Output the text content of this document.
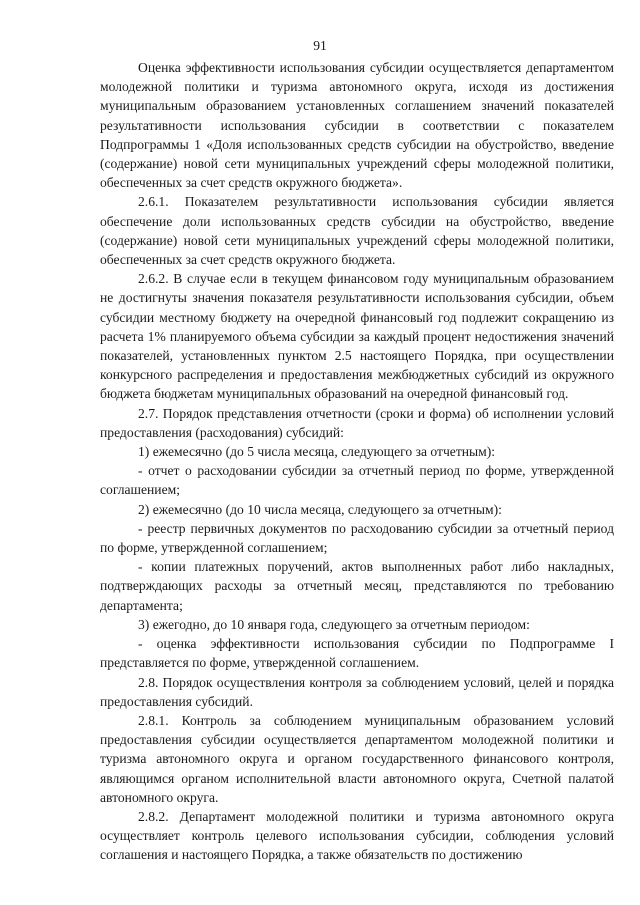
91

Оценка эффективности использования субсидии осуществляется департаментом молодежной политики и туризма автономного округа, исходя из достижения муниципальным образованием установленных соглашением значений показателей результативности использования субсидии в соответствии с показателем Подпрограммы 1 «Доля использованных средств субсидии на обустройство, введение (содержание) новой сети муниципальных учреждений сферы молодежной политики, обеспеченных за счет средств окружного бюджета».

2.6.1. Показателем результативности использования субсидии является обеспечение доли использованных средств субсидии на обустройство, введение (содержание) новой сети муниципальных учреждений сферы молодежной политики, обеспеченных за счет средств окружного бюджета.

2.6.2. В случае если в текущем финансовом году муниципальным образованием не достигнуты значения показателя результативности использования субсидии, объем субсидии местному бюджету на очередной финансовый год подлежит сокращению из расчета 1% планируемого объема субсидии за каждый процент недостижения значений показателей, установленных пунктом 2.5 настоящего Порядка, при осуществлении конкурсного распределения и предоставления межбюджетных субсидий из окружного бюджета бюджетам муниципальных образований на очередной финансовый год.

2.7. Порядок представления отчетности (сроки и форма) об исполнении условий предоставления (расходования) субсидий:

1) ежемесячно (до 5 числа месяца, следующего за отчетным):

- отчет о расходовании субсидии за отчетный период по форме, утвержденной соглашением;

2) ежемесячно (до 10 числа месяца, следующего за отчетным):

- реестр первичных документов по расходованию субсидии за отчетный период по форме, утвержденной соглашением;

- копии платежных поручений, актов выполненных работ либо накладных, подтверждающих расходы за отчетный месяц, представляются по требованию департамента;

3) ежегодно, до 10 января года, следующего за отчетным периодом:

- оценка эффективности использования субсидии по Подпрограмме I представляется по форме, утвержденной соглашением.

2.8. Порядок осуществления контроля за соблюдением условий, целей и порядка предоставления субсидий.

2.8.1. Контроль за соблюдением муниципальным образованием условий предоставления субсидии осуществляется департаментом молодежной политики и туризма автономного округа и органом государственного финансового контроля, являющимся органом исполнительной власти автономного округа, Счетной палатой автономного округа.

2.8.2. Департамент молодежной политики и туризма автономного округа осуществляет контроль целевого использования субсидии, соблюдения условий соглашения и настоящего Порядка, а также обязательств по достижению
